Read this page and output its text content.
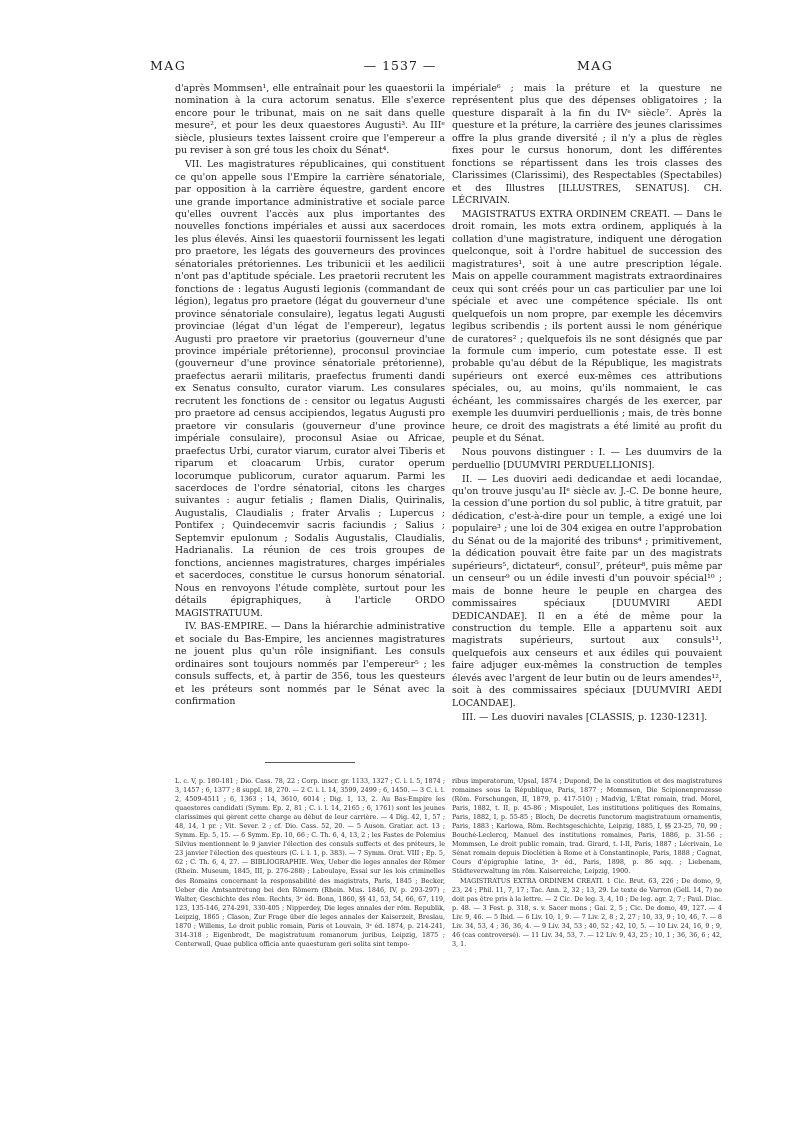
MAG	— 1537 —	MAG

d'après Mommsen¹, elle entraînait pour les quaestorii la nomination à la cura actorum senatus. Elle s'exerce encore pour le tribunat, mais on ne sait dans quelle mesure², et pour les deux quaestores Augusti³. Au IIIᵉ siècle, plusieurs textes laissent croire que l'empereur a pu reviser à son gré tous les choix du Sénat⁴.

VII. Les magistratures républicaines, qui constituent ce qu'on appelle sous l'Empire la carrière sénatoriale, par opposition à la carrière équestre, gardent encore une grande importance administrative et sociale parce qu'elles ouvrent l'accès aux plus importantes des nouvelles fonctions impériales et aussi aux sacerdoces les plus élevés. Ainsi les quaestorii fournissent les legati pro praetore, les légats des gouverneurs des provinces sénatoriales prétoriennes. Les tribunicii et les aedilicii n'ont pas d'aptitude spéciale. Les praetorii recrutent les fonctions de : legatus Augusti legionis (commandant de légion), legatus pro praetore (légat du gouverneur d'une province sénatoriale consulaire), legatus legati Augusti provinciae (légat d'un légat de l'empereur), legatus Augusti pro praetore vir praetorius (gouverneur d'une province impériale prétorienne), proconsul provinciae (gouverneur d'une province sénatoriale prétorienne), praefectus aerarii militaris, praefectus frumenti dandi ex Senatus consulto, curator viarum. Les consulares recrutent les fonctions de : censitor ou legatus Augusti pro praetore ad census accipiendos, legatus Augusti pro praetore vir consularis (gouverneur d'une province impériale consulaire), proconsul Asiae ou Africae, praefectus Urbi, curator viarum, curator alvei Tiberis et riparum et cloacarum Urbis, curator operum locorumque publicorum, curator aquarum. Parmi les sacerdoces de l'ordre sénatorial, citons les charges suivantes : augur fetialis ; flamen Dialis, Quirinalis, Augustalis, Claudialis ; frater Arvalis ; Lupercus ; Pontifex ; Quindecemvir sacris faciundis ; Salius ; Septemvir epulonum ; Sodalis Augustalis, Claudialis, Hadrianalis. La réunion de ces trois groupes de fonctions, anciennes magistratures, charges impériales et sacerdoces, constitue le cursus honorum sénatorial. Nous en renvoyons l'étude complète, surtout pour les détails épigraphiques, à l'article ORDO MAGISTRATUUM.

IV. BAS-EMPIRE. — Dans la hiérarchie administrative et sociale du Bas-Empire, les anciennes magistratures ne jouent plus qu'un rôle insignifiant. Les consuls ordinaires sont toujours nommés par l'empereur⁵ ; les consuls suffects, et, à partir de 356, tous les questeurs et les préteurs sont nommés par le Sénat avec la confirmation

impériale⁶ ; mais la préture et la questure ne représentent plus que des dépenses obligatoires ; la questure disparaît à la fin du IVᵉ siècle⁷. Après la questure et la préture, la carrière des jeunes clarissimes offre la plus grande diversité ; il n'y a plus de règles fixes pour le cursus honorum, dont les différentes fonctions se répartissent dans les trois classes des Clarissimes (Clarissimi), des Respectables (Spectabiles) et des Illustres [ILLUSTRES, SENATUS]. CH. LÉCRIVAIN.

MAGISTRATUS EXTRA ORDINEM CREATI. — Dans le droit romain, les mots extra ordinem, appliqués à la collation d'une magistrature, indiquent une dérogation quelconque, soit à l'ordre habituel de succession des magistratures¹, soit à une autre prescription légale. Mais on appelle couramment magistrats extraordinaires ceux qui sont créés pour un cas particulier par une loi spéciale et avec une compétence spéciale. Ils ont quelquefois un nom propre, par exemple les décemvirs legibus scribendis ; ils portent aussi le nom générique de curatores² ; quelquefois ils ne sont désignés que par la formule cum imperio, cum potestate esse. Il est probable qu'au début de la République, les magistrats supérieurs ont exercé eux-mêmes ces attributions spéciales, ou, au moins, qu'ils nommaient, le cas échéant, les commissaires chargés de les exercer, par exemple les duumviri perduellionis ; mais, de très bonne heure, ce droit des magistrats a été limité au profit du peuple et du Sénat.

Nous pouvons distinguer : I. — Les duumvirs de la perduellio [DUUMVIRI PERDUELLIONIS].

II. — Les duoviri aedi dedicandae et aedi locandae, qu'on trouve jusqu'au IIᵉ siècle av. J.-C. De bonne heure, la cession d'une portion du sol public, à titre gratuit, par dédication, c'est-à-dire pour un temple, a exigé une loi populaire³ ; une loi de 304 exigea en outre l'approbation du Sénat ou de la majorité des tribuns⁴ ; primitivement, la dédication pouvait être faite par un des magistrats supérieurs⁵, dictateur⁶, consul⁷, préteur⁸, puis même par un censeur⁹ ou un édile investi d'un pouvoir spécial¹⁰ ; mais de bonne heure le peuple en chargea des commissaires spéciaux [DUUMVIRI AEDI DEDICANDAE]. Il en a été de même pour la construction du temple. Elle a appartenu soit aux magistrats supérieurs, surtout aux consuls¹¹, quelquefois aux censeurs et aux édiles qui pouvaient faire adjuger eux-mêmes la construction de temples élevés avec l'argent de leur butin ou de leurs amendes¹², soit à des commissaires spéciaux [DUUMVIRI AEDI LOCANDAE].

III. — Les duoviri navales [CLASSIS, p. 1230-1231].

L. c. V, p. 180-181 ; Dio. Cass. 78, 22 ; Corp. inscr. gr. 1133, 1327 ; C. i. l. 5, 1874 ; 3, 1457 ; 6, 1377 ; 8 suppl. 18, 270. — 2 C. i. l. 14, 3599, 2499 ; 6, 1450. — 3 C. i. l. 2, 4509-4511 ; 6, 1363 ; 14, 3610, 6014 ; Dig. 1, 13, 2. Au Bas-Empire les quaestores candidati (Symm. Ep. 2, 81 ; C. i. l. 14, 2165 ; 6, 1761) sont les jeunes clarissimes qui gèrent cette charge au début de leur carrière. — 4 Dig. 42, 1, 57 ; 48, 14, 1 pr. ; Vit. Sever. 2 ; cf. Dio. Cass. 52, 20. — 5 Auson. Gratiar. act. 13 ; Symm. Ep. 5, 15. — 6 Symm. Ep. 10, 66 ; C. Th. 6, 4, 13, 2 ; les Fastes de Polemius Silvius mentionnent le 9 janvier l'élection des consuls suffects et des préteurs, le 23 janvier l'élection des questeurs (C. i. l. 1, p. 383). — 7 Symm. Orat. VIII ; Ep. 5, 62 ; C. Th. 6, 4, 27. — BIBLIOGRAPHIE. Wex, Ueber die leges annales der Römer (Rhein. Museum, 1845, III, p. 276-288) ; Laboulaye, Essai sur les lois criminelles des Romains concernant la responsabilité des magistrats, Paris, 1845 ; Becker, Ueber die Amtsantretung bei den Römern (Rhein. Mus. 1846, IV, p. 293-297) ; Walter, Geschichte des röm. Rechts, 3ᵉ éd. Bonn, 1860, §§ 41, 53, 54, 66, 67, 119, 123, 135-146, 274-291, 330-405 ; Nipperdey, Die leges annales der röm. Republik, Leipzig, 1865 ; Clason, Zur Frage über die leges annales der Kaiserzeit, Breslau, 1870 ; Willems, Le droit public romain, Paris et Louvain, 3ᵉ éd. 1874, p. 214-241, 314-318 ; Eigenbrodt, De magistratuum romanorum juribus, Leipzig, 1875 ; Centerwall, Quae publica officia ante quaesturam geri solita sint tempo-

ribus imperatorum, Upsal, 1874 ; Dupond, De la constitution et des magistratures romaines sous la République, Paris, 1877 ; Mommsen, Die Scipionenprozesse (Röm. Forschungen, II, 1879, p. 417-510) ; Madvig, L'État romain, trad. Morel, Paris, 1882, t. II, p. 45-86 ; Mispoulet, Les institutions politiques des Romains, Paris, 1882, I, p. 55-85 ; Bloch, De decretis functorum magistratuum ornamentis, Paris, 1883 ; Karlowa, Röm. Rechtsgeschichte, Leipzig, 1885, I, §§ 23-25, 70, 99 ; Bouché-Leclercq, Manuel des institutions romaines, Paris, 1886, p. 31-56 ; Mommsen, Le droit public romain, trad. Girard, t. I-II, Paris, 1887 ; Lécrivain, Le Sénat romain depuis Dioclétien à Rome et à Constantinople, Paris, 1888 ; Cagnat, Cours d'épigraphie latine, 3ᵉ éd., Paris, 1898, p. 86 sqq. ; Liebenam, Städteverwaltung im röm. Kaiserreiche, Leipzig, 1900.

MAGISTRATUS EXTRA ORDINEM CREATI. 1 Cic. Brut. 63, 226 ; De domo, 9, 23, 24 ; Phil. 11, 7, 17 ; Tac. Ann. 2, 32 ; 13, 29. Le texte de Varron (Gell. 14, 7) ne doit pas être pris à la lettre. — 2 Cic. De leg. 3, 4, 10 ; De leg. agr. 2, 7 ; Paul. Diac. p. 48. — 3 Fest. p. 318, s. v. Sacer mons ; Gai. 2, 5 ; Cic. De domo, 49, 127. — 4 Liv. 9, 46. — 5 Ibid. — 6 Liv. 10, 1, 9. — 7 Liv. 2, 8 ; 2, 27 ; 10, 33, 9 ; 10, 46, 7. — 8 Liv. 34, 53, 4 ; 36, 36, 4. — 9 Liv. 34, 53 ; 40, 52 ; 42, 10, 5. — 10 Liv. 24, 16, 9 ; 9, 46 (cas controversé). — 11 Liv. 34, 53, 7. — 12 Liv. 9, 43, 25 ; 10, 1 ; 36, 36, 6 ; 42, 3, 1.
